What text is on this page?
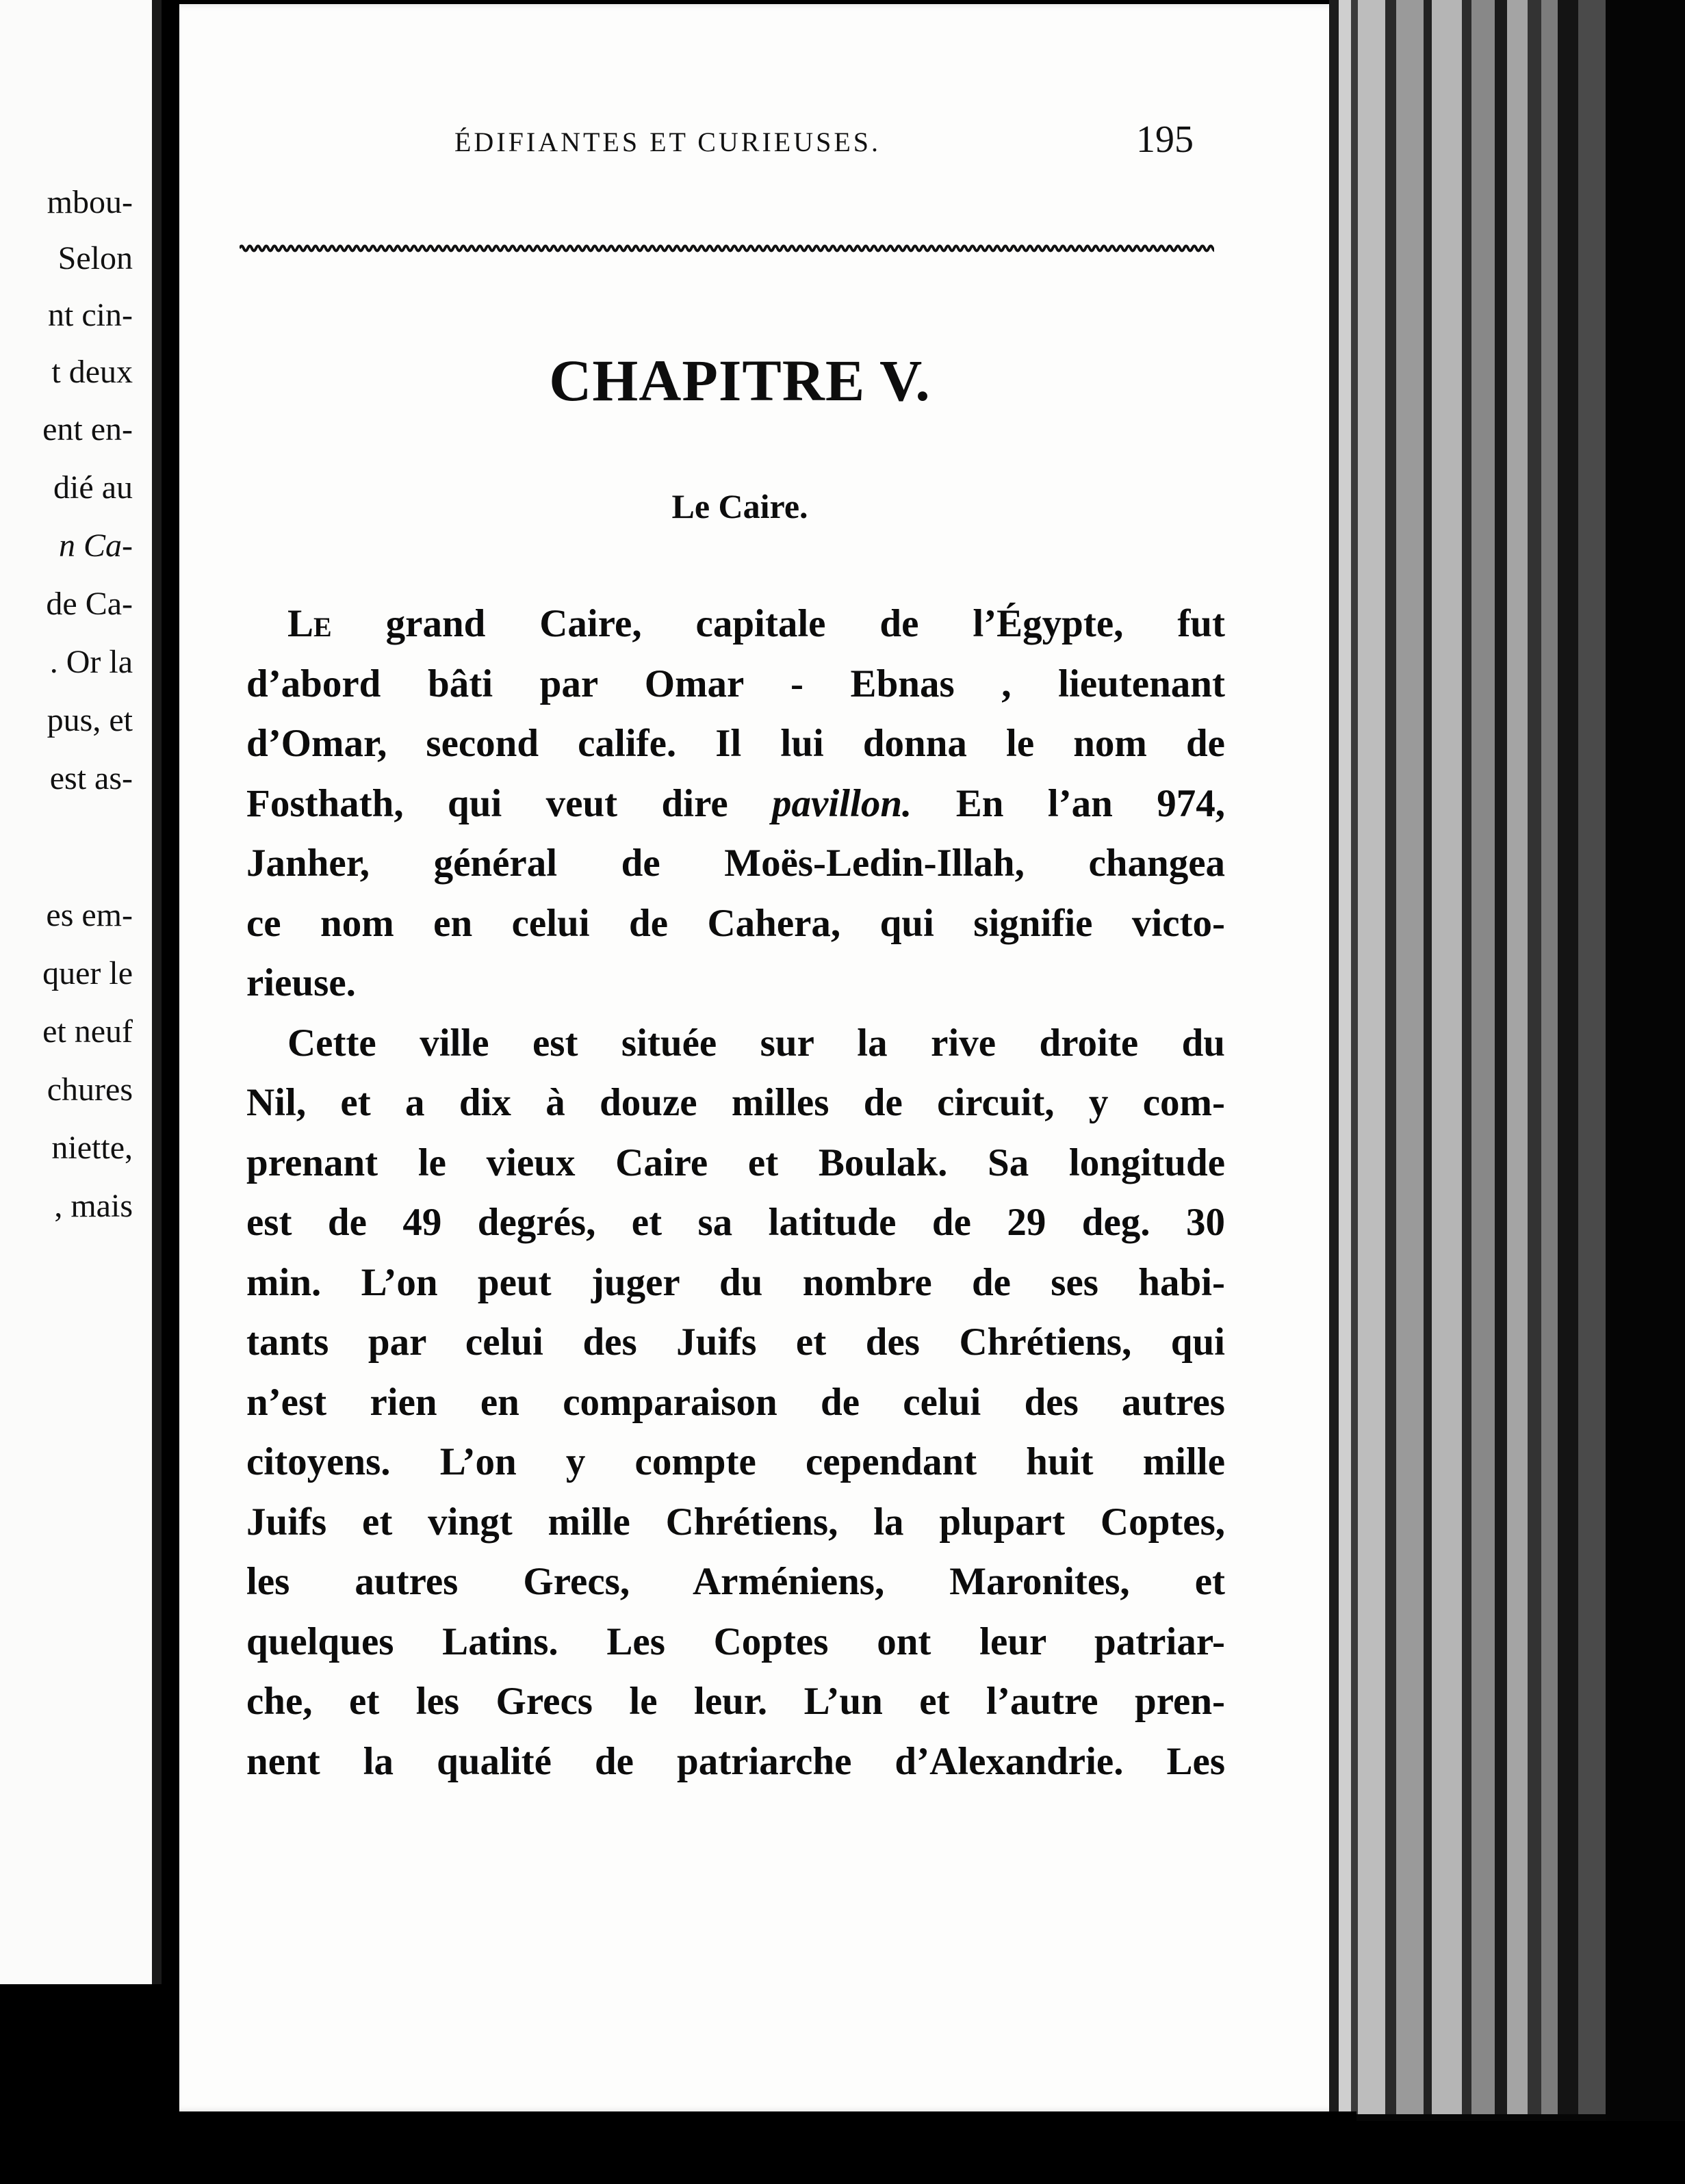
mbou-
Selon
nt cin-
t deux
ent en-
dié au
n Ca-
de Ca-
. Or la
pus, et
est as-
es em-
quer le
et neuf
chures
niette,
, mais
ÉDIFIANTES ET CURIEUSES.	195
CHAPITRE V.
Le Caire.
Le grand Caire, capitale de l’Égypte, fut
d’abord bâti par Omar - Ebnas , lieutenant
d’Omar, second calife. Il lui donna le nom de
Fosthath, qui veut dire pavillon. En l’an 974,
Janher, général de Moës-Ledin-Illah, changea
ce nom en celui de Cahera, qui signifie victo-
rieuse.
Cette ville est située sur la rive droite du
Nil, et a dix à douze milles de circuit, y com-
prenant le vieux Caire et Boulak. Sa longitude
est de 49 degrés, et sa latitude de 29 deg. 30
min. L’on peut juger du nombre de ses habi-
tants par celui des Juifs et des Chrétiens, qui
n’est rien en comparaison de celui des autres
citoyens. L’on y compte cependant huit mille
Juifs et vingt mille Chrétiens, la plupart Coptes,
les autres Grecs, Arméniens, Maronites, et
quelques Latins. Les Coptes ont leur patriar-
che, et les Grecs le leur. L’un et l’autre pren-
nent la qualité de patriarche d’Alexandrie. Les
